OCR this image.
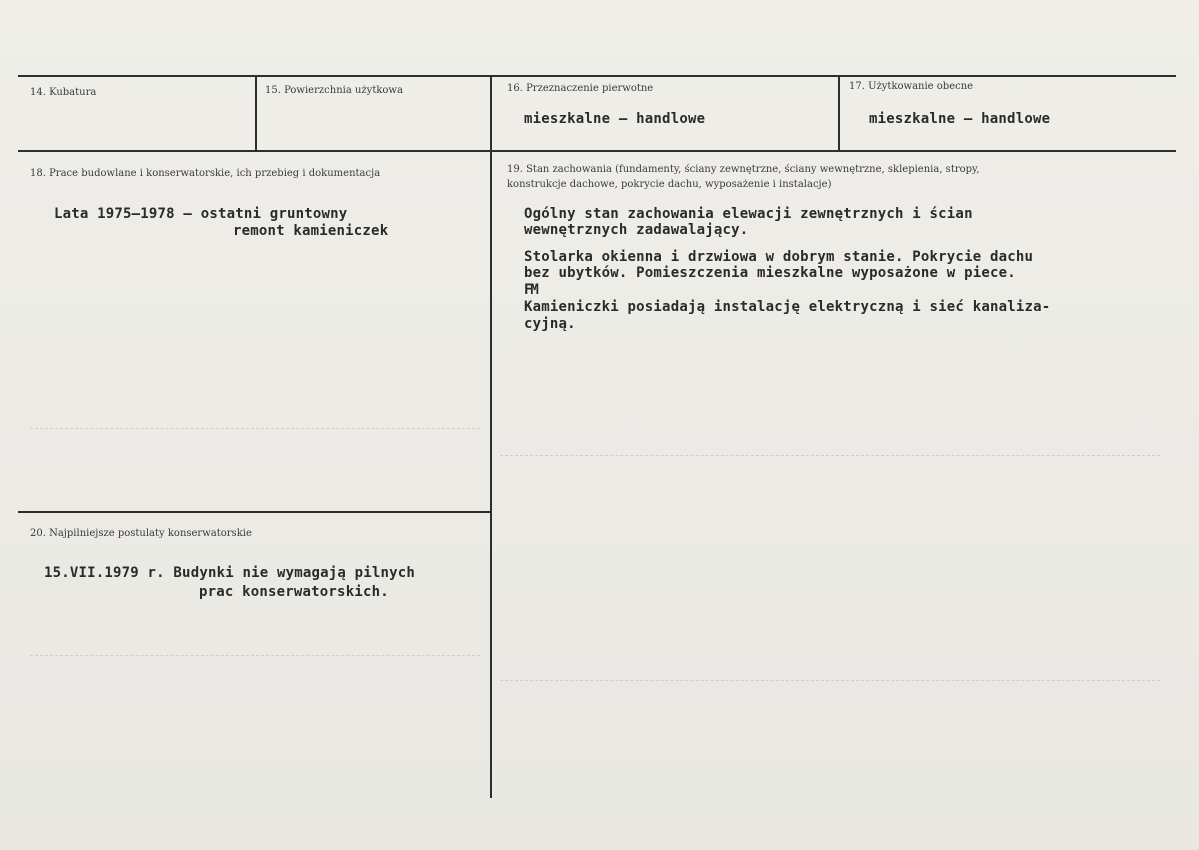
14. Kubatura	15. Powierzchnia użytkowa	16. Przeznaczenie pierwotne
mieszkalne – handlowe
17. Użytkowanie obecne
mieszkalne – handlowe
18. Prace budowlane i konserwatorskie, ich przebieg i dokumentacja
Lata 1975–1978 – ostatni gruntowny
remont kamieniczek
19. Stan zachowania (fundamenty, ściany zewnętrzne, ściany wewnętrzne, sklepienia, stropy,
konstrukcje dachowe, pokrycie dachu, wyposażenie i instalacje)
Ogólny stan zachowania elewacji zewnętrznych i ścian
wewnętrznych zadawalający.
Stolarka okienna i drzwiowa w dobrym stanie. Pokrycie dachu
bez ubytków. Pomieszczenia mieszkalne wyposażone w piece.
FM
Kamieniczki posiadają instalację elektryczną i sieć kanaliza-
cyjną.
20. Najpilniejsze postulaty konserwatorskie
15.VII.1979 r. Budynki nie wymagają pilnych
prac konserwatorskich.
